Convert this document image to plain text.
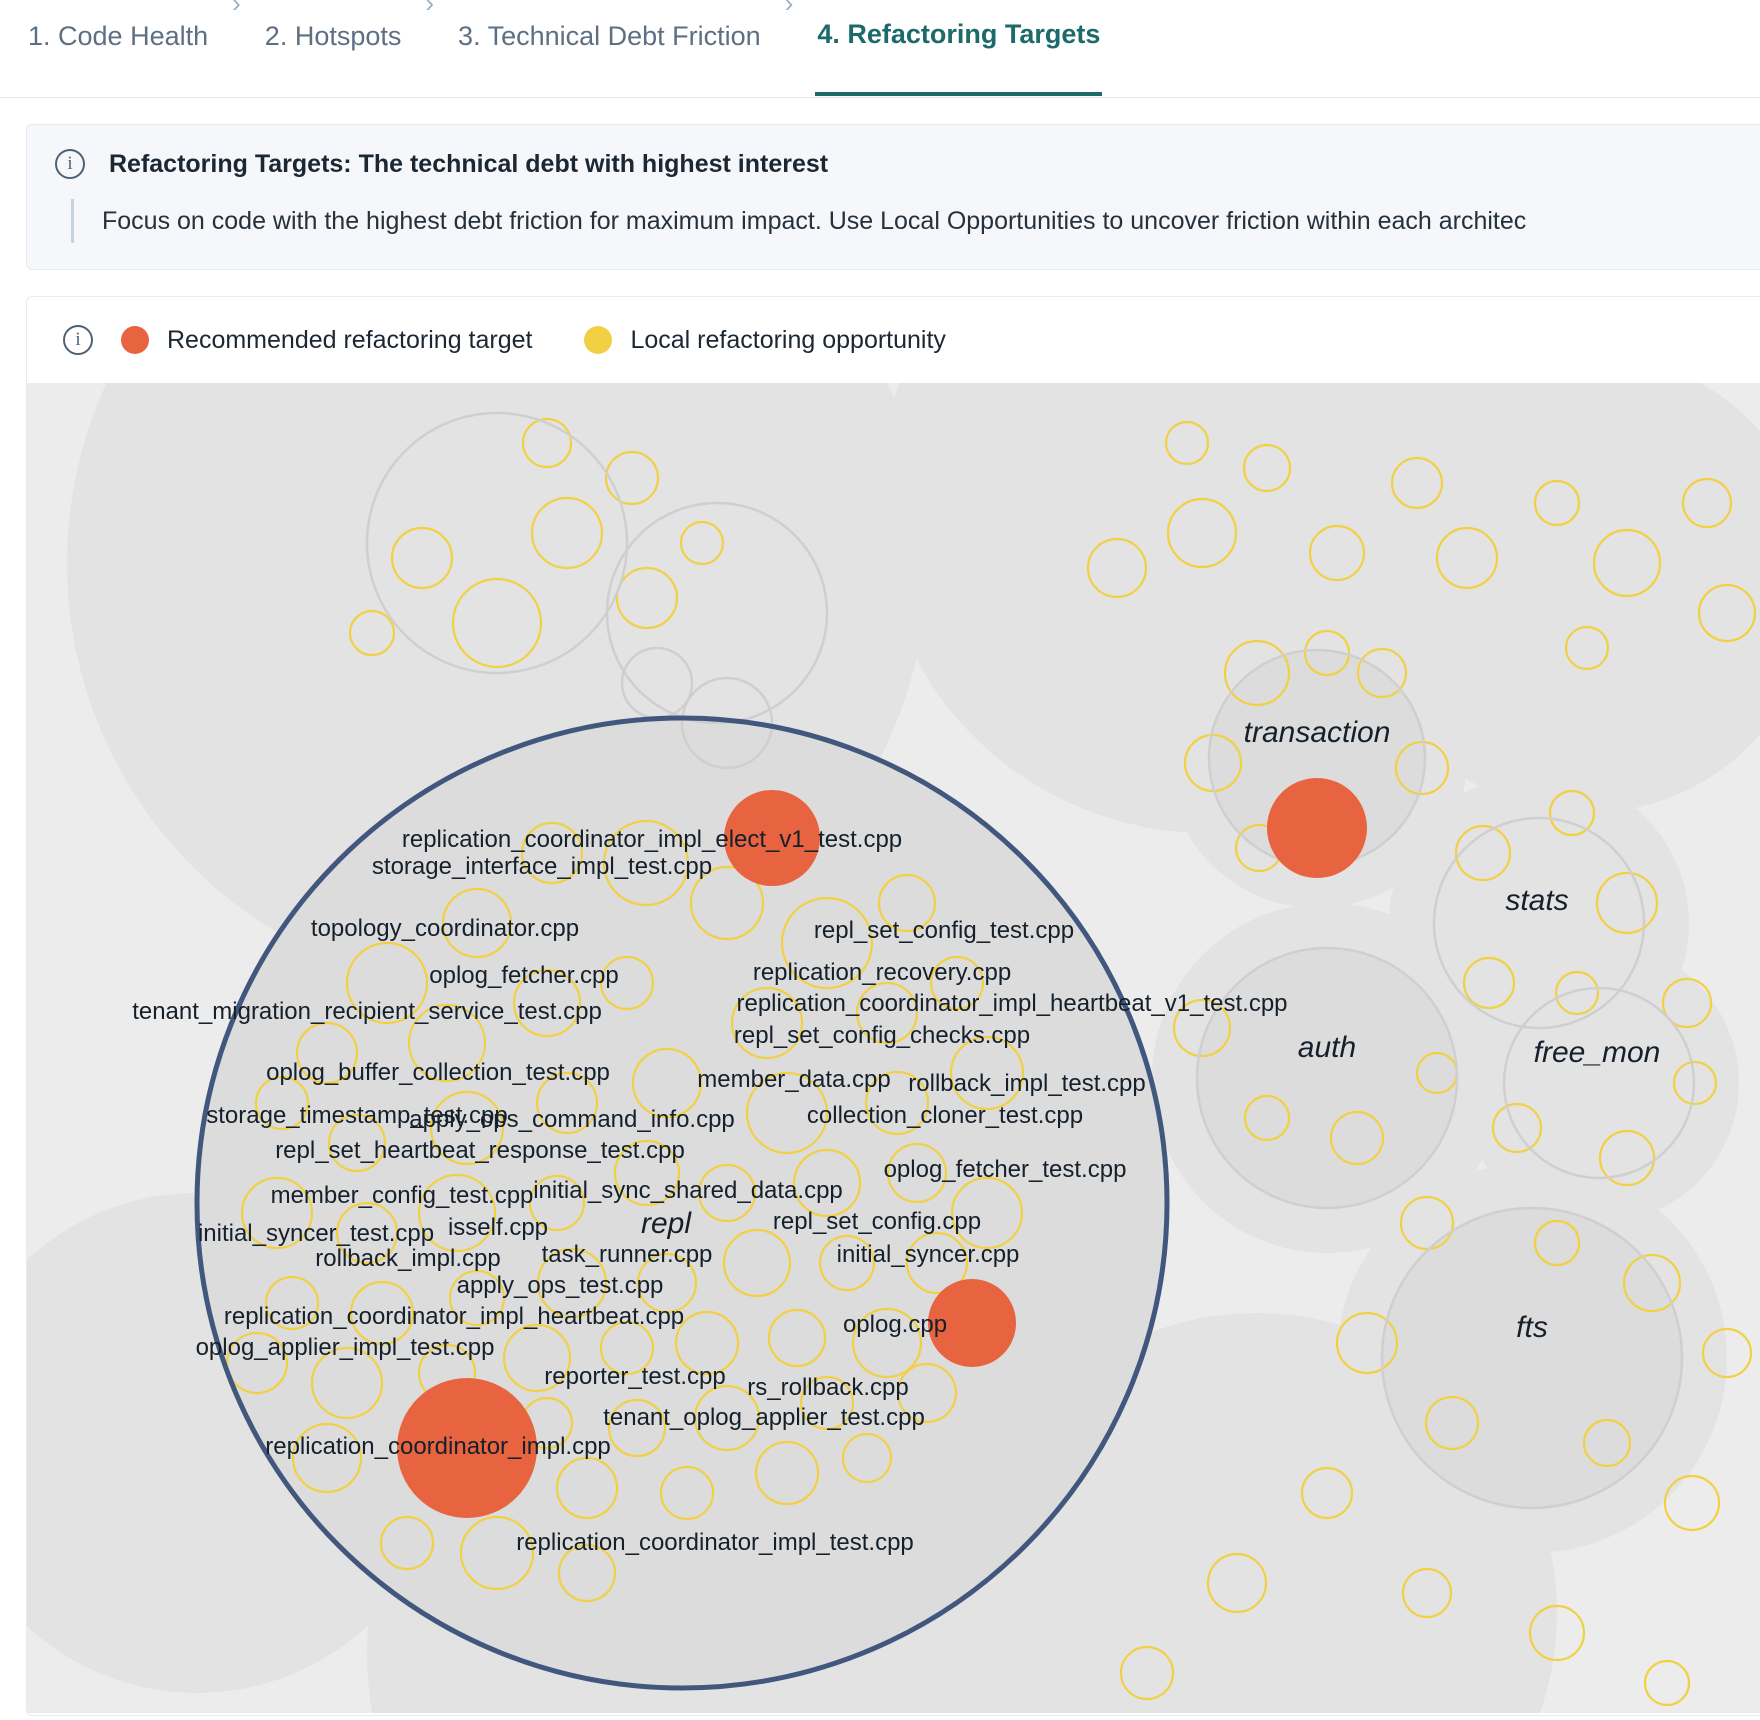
1. Code Health
›
2. Hotspots
›
3. Technical Debt Friction
›
4. Refactoring Targets
i	Refactoring Targets: The technical debt with highest interest
Focus on code with the highest debt friction for maximum impact. Use Local Opportunities to uncover friction within each architec
i	Recommended refactoring target	Local refactoring opportunity
replication_coordinator_impl_elect_v1_test.cpp
storage_interface_impl_test.cpp
topology_coordinator.cpp	repl_set_config_test.cpp
oplog_fetcher.cpp	replication_recovery.cpp
tenant_migration_recipient_service_test.cpp	replication_coordinator_impl_heartbeat_v1_test.cpp
repl_set_config_checks.cpp
oplog_buffer_collection_test.cpp	member_data.cpp rollback_impl_test.cpp
storage_timestamp_test.cpp
apply_ops_command_info.cpp	collection_cloner_test.cpp
repl_set_heartbeat_response_test.cpp
oplog_fetcher_test.cpp
member_config_test.cpp initial_sync_shared_data.cpp
initial_syncer_test.cpp isself.cpp	repl_set_config.cpp
rollback_impl.cpp task_runner.cpp	initial_syncer.cpp
apply_ops_test.cpp
replication_coordinator_impl_heartbeat.cpp	oplog.cpp
oplog_applier_impl_test.cpp
reporter_test.cpp rs_rollback.cpp
tenant_oplog_applier_test.cpp
replication_coordinator_impl.cpp
replication_coordinator_impl_test.cpp
transaction
stats
auth	free_mon
repl
fts
